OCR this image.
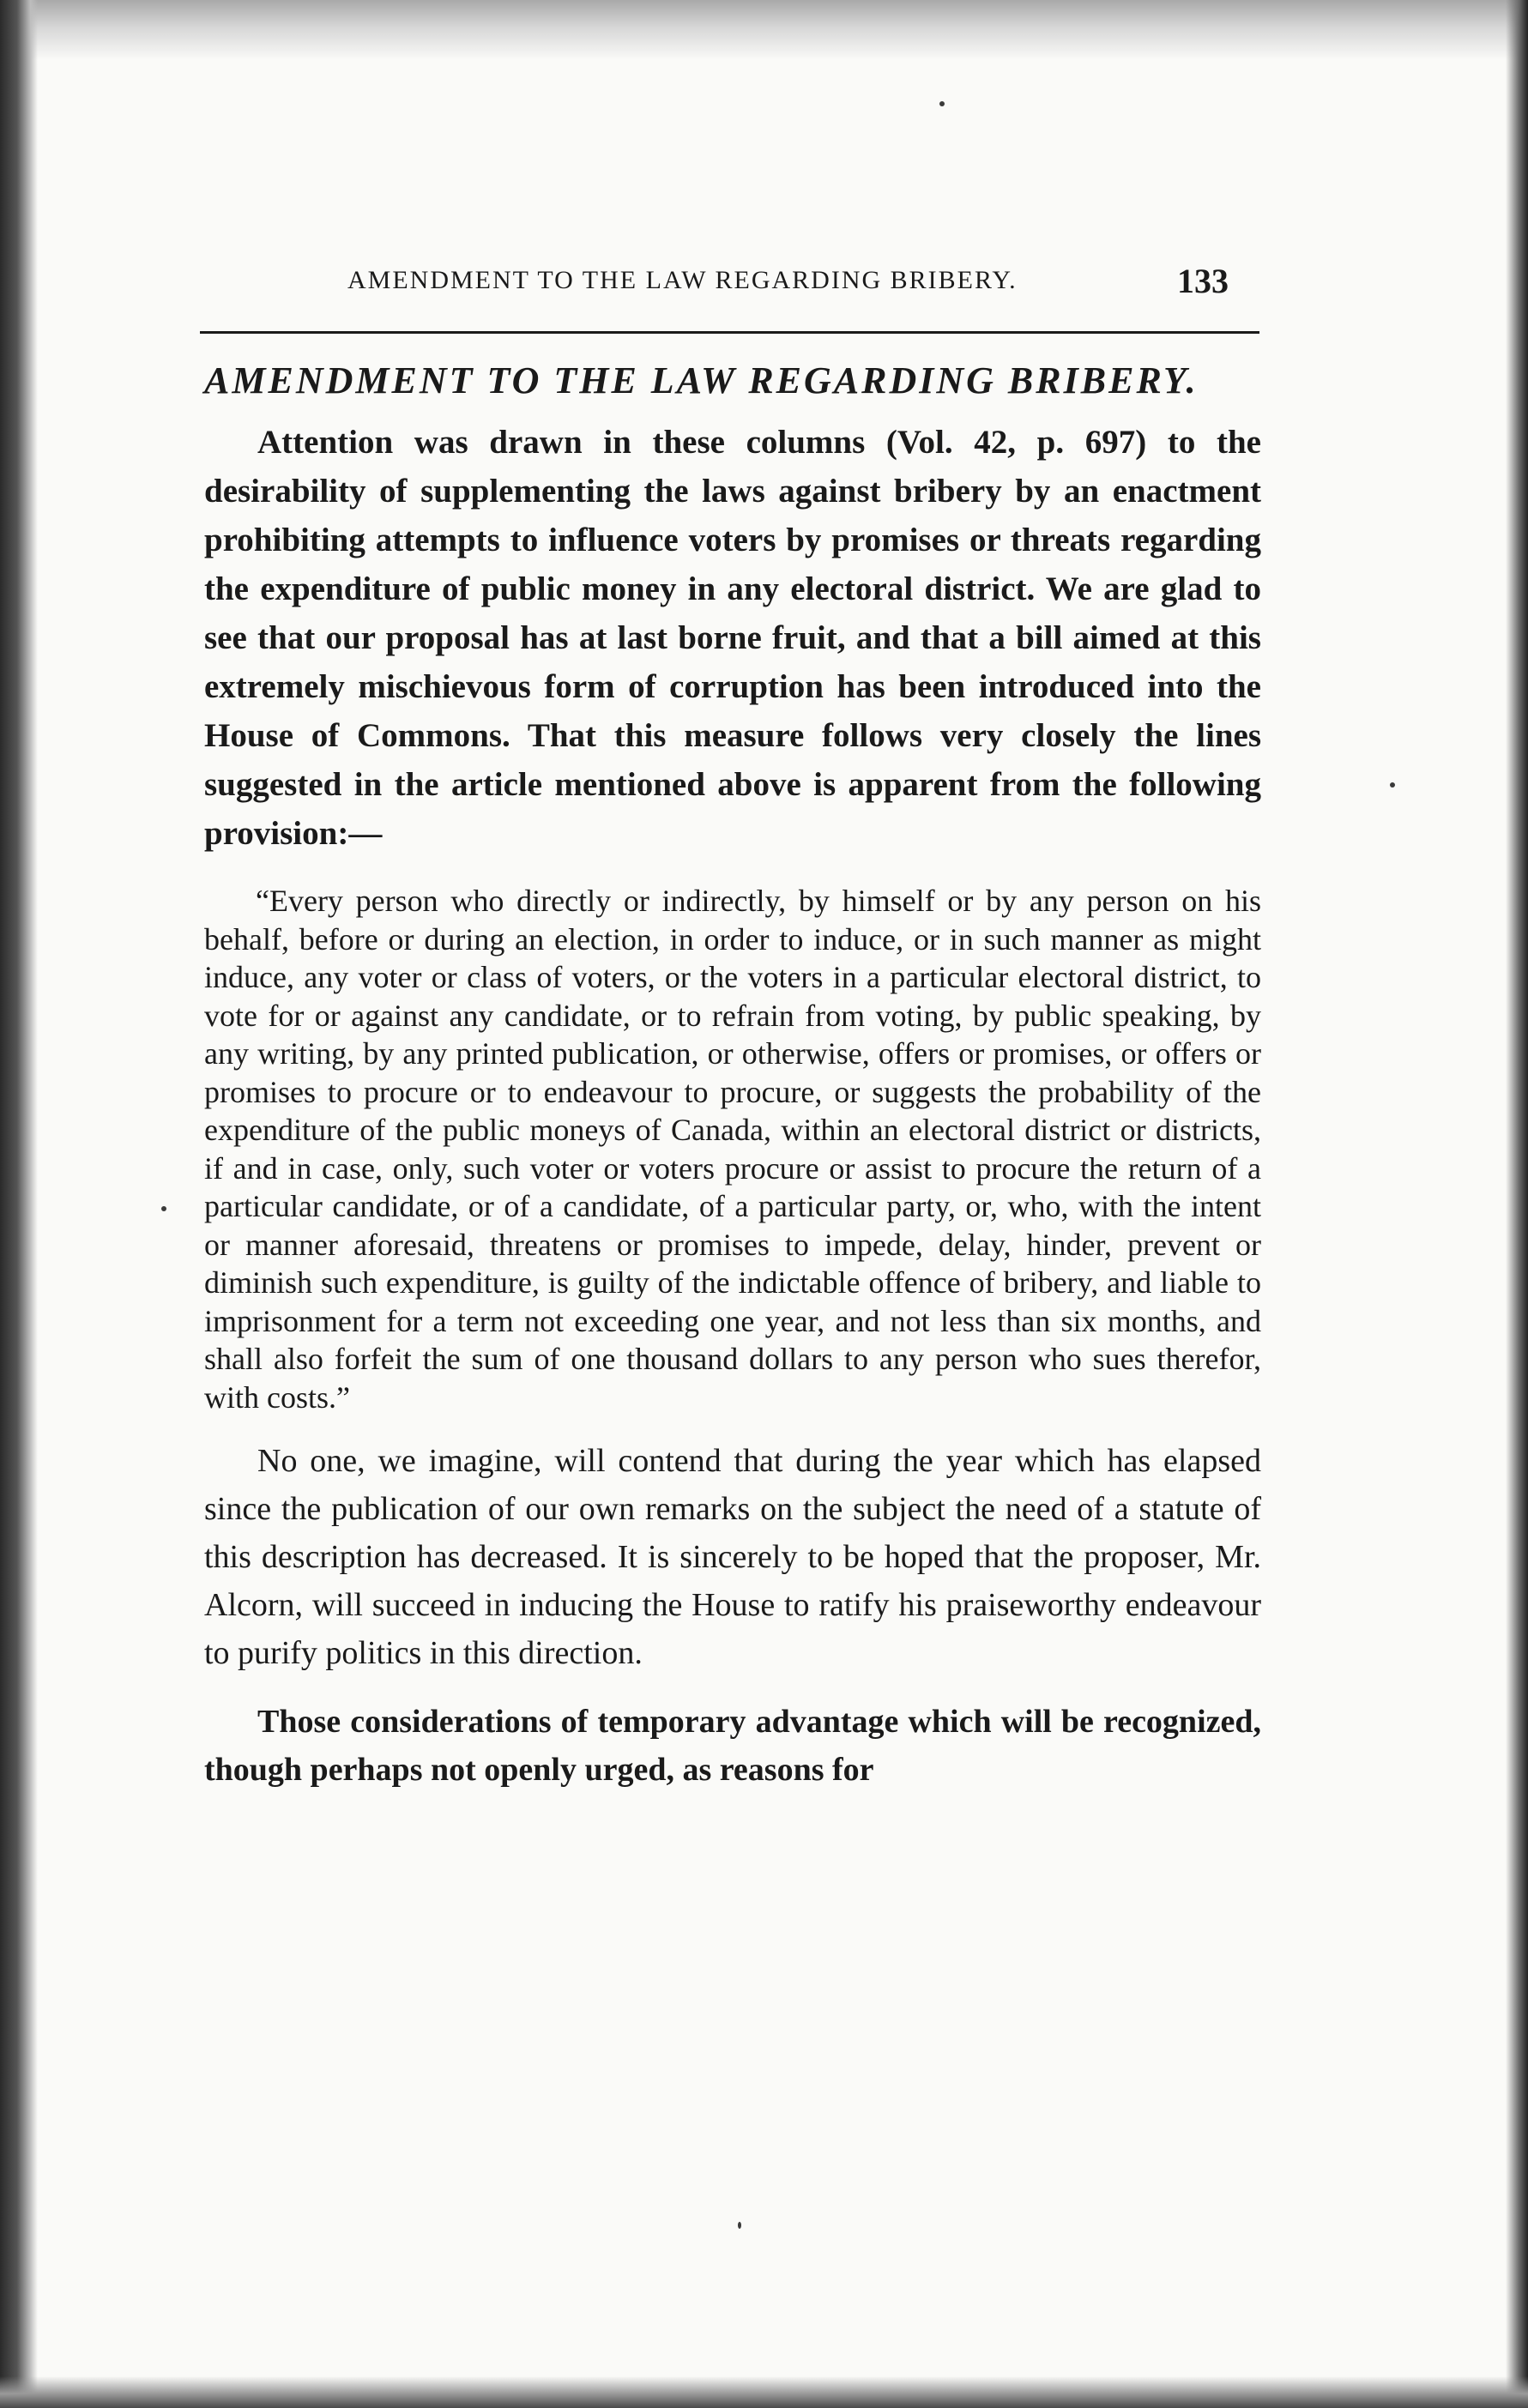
AMENDMENT TO THE LAW REGARDING BRIBERY.	133
AMENDMENT TO THE LAW REGARDING BRIBERY.

Attention was drawn in these columns (Vol. 42, p. 697) to the desirability of supplementing the laws against bribery by an enactment prohibiting attempts to influence voters by promises or threats regarding the expenditure of public money in any electoral district. We are glad to see that our proposal has at last borne fruit, and that a bill aimed at this extremely mischievous form of corruption has been introduced into the House of Commons. That this measure follows very closely the lines suggested in the article mentioned above is apparent from the following provision:—

“Every person who directly or indirectly, by himself or by any person on his behalf, before or during an election, in order to induce, or in such manner as might induce, any voter or class of voters, or the voters in a particular electoral district, to vote for or against any candidate, or to refrain from voting, by public speaking, by any writing, by any printed publication, or otherwise, offers or promises, or offers or promises to procure or to endeavour to procure, or suggests the probability of the expenditure of the public moneys of Canada, within an electoral district or districts, if and in case, only, such voter or voters procure or assist to procure the return of a particular candidate, or of a candidate, of a particular party, or, who, with the intent or manner aforesaid, threatens or promises to impede, delay, hinder, prevent or diminish such expenditure, is guilty of the indictable offence of bribery, and liable to imprisonment for a term not exceeding one year, and not less than six months, and shall also forfeit the sum of one thousand dollars to any person who sues therefor, with costs.”

No one, we imagine, will contend that during the year which has elapsed since the publication of our own remarks on the subject the need of a statute of this description has decreased. It is sincerely to be hoped that the proposer, Mr. Alcorn, will succeed in inducing the House to ratify his praiseworthy endeavour to purify politics in this direction.

Those considerations of temporary advantage which will be recognized, though perhaps not openly urged, as reasons for
